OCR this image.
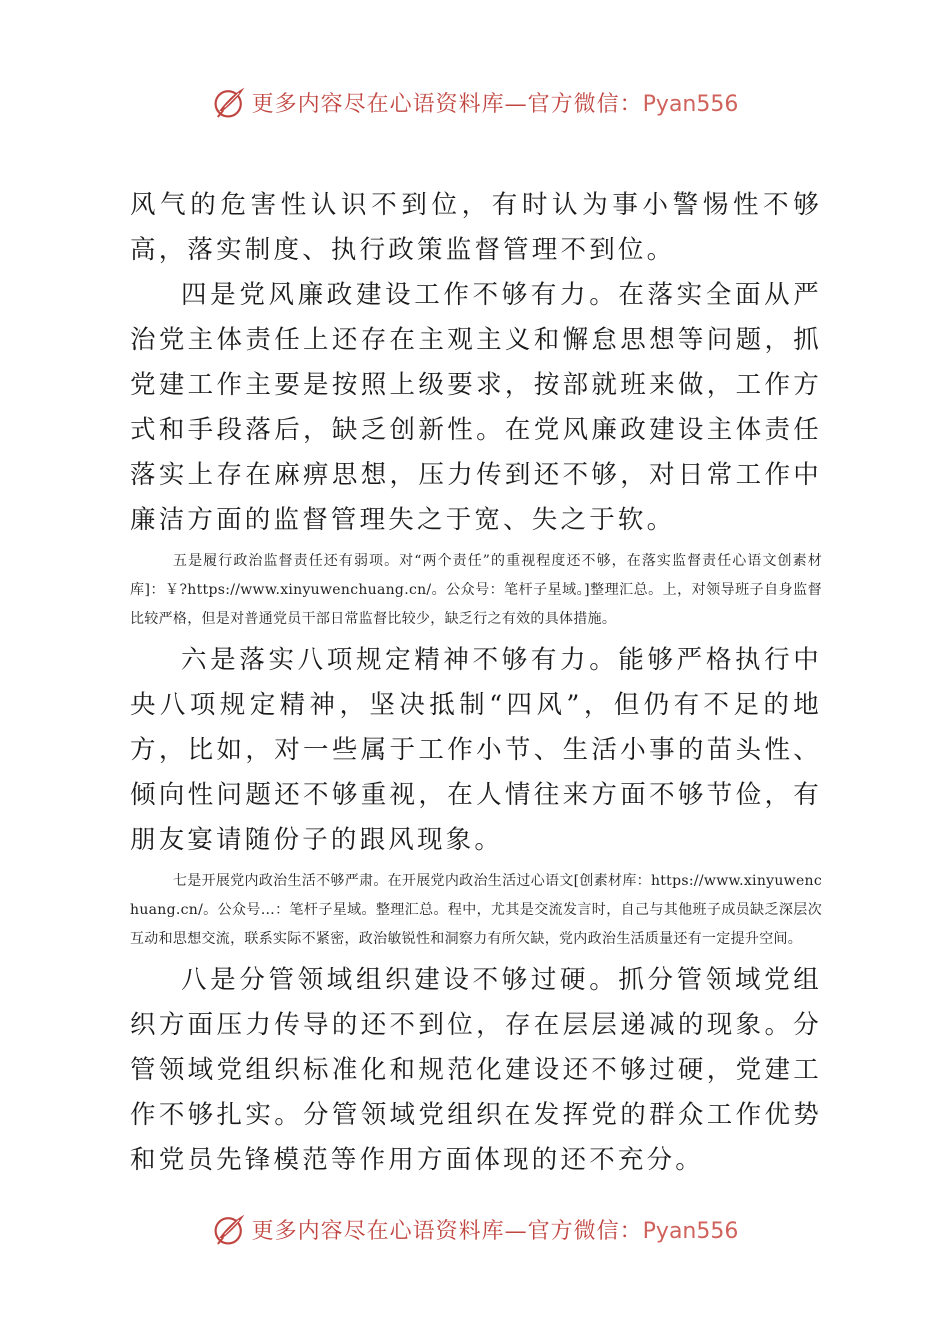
更多内容尽在心语资料库—官方微信：Pyan556

风气的危害性认识不到位，有时认为事小警惕性不够高，落实制度、执行政策监督管理不到位。

四是党风廉政建设工作不够有力。在落实全面从严治党主体责任上还存在主观主义和懈怠思想等问题，抓党建工作主要是按照上级要求，按部就班来做，工作方式和手段落后，缺乏创新性。在党风廉政建设主体责任落实上存在麻痹思想，压力传到还不够，对日常工作中廉洁方面的监督管理失之于宽、失之于软。

五是履行政治监督责任还有弱项。对“两个责任”的重视程度还不够，在落实监督责任心语文创素材库]：￥?https://www.xinyuwenchuang.cn/。公众号：笔杆子星域。]整理汇总。上，对领导班子自身监督比较严格，但是对普通党员干部日常监督比较少，缺乏行之有效的具体措施。

六是落实八项规定精神不够有力。能够严格执行中央八项规定精神，坚决抵制“四风”，但仍有不足的地方，比如，对一些属于工作小节、生活小事的苗头性、倾向性问题还不够重视，在人情往来方面不够节俭，有朋友宴请随份子的跟风现象。

七是开展党内政治生活不够严肃。在开展党内政治生活过心语文[创素材库：https://www.xinyuwenchuang.cn/。公众号…：笔杆子星域。整理汇总。程中，尤其是交流发言时，自己与其他班子成员缺乏深层次互动和思想交流，联系实际不紧密，政治敏锐性和洞察力有所欠缺，党内政治生活质量还有一定提升空间。

八是分管领域组织建设不够过硬。抓分管领域党组织方面压力传导的还不到位，存在层层递减的现象。分管领域党组织标准化和规范化建设还不够过硬，党建工作不够扎实。分管领域党组织在发挥党的群众工作优势和党员先锋模范等作用方面体现的还不充分。

更多内容尽在心语资料库—官方微信：Pyan556
